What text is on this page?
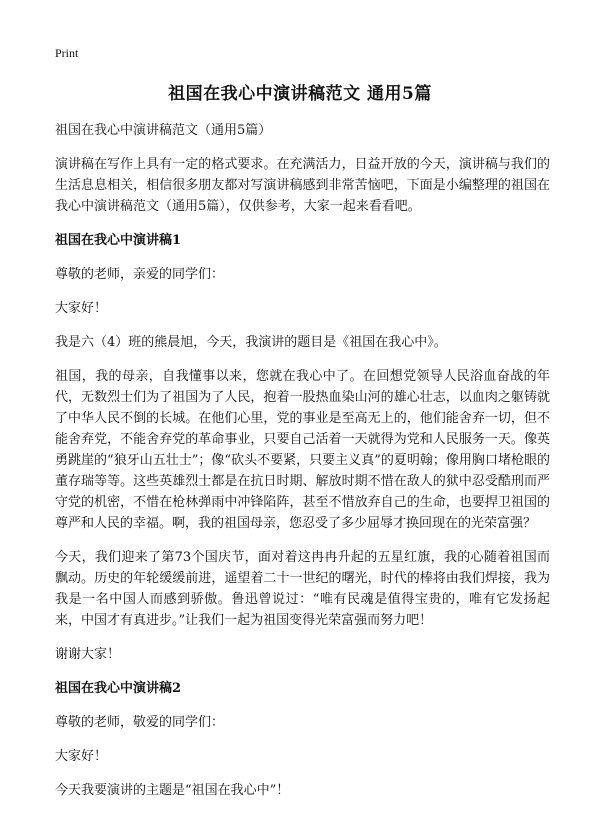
Print
祖国在我心中演讲稿范文 通用5篇

祖国在我心中演讲稿范文（通用5篇）

演讲稿在写作上具有一定的格式要求。在充满活力，日益开放的今天，演讲稿与我们的生活息息相关，相信很多朋友都对写演讲稿感到非常苦恼吧，下面是小编整理的祖国在我心中演讲稿范文（通用5篇），仅供参考，大家一起来看看吧。

祖国在我心中演讲稿1

尊敬的老师，亲爱的同学们：

大家好！

我是六（4）班的熊晨旭，今天，我演讲的题目是《祖国在我心中》。

祖国，我的母亲，自我懂事以来，您就在我心中了。在回想党领导人民浴血奋战的年代，无数烈士们为了祖国为了人民，抱着一股热血染山河的雄心壮志，以血肉之躯铸就了中华人民不倒的长城。在他们心里，党的事业是至高无上的，他们能舍弃一切，但不能舍弃党，不能舍弃党的革命事业，只要自己活着一天就得为党和人民服务一天。像英勇跳崖的“狼牙山五壮士”；像“砍头不要紧，只要主义真”的夏明翰；像用胸口堵枪眼的董存瑞等等。这些英雄烈士都是在抗日时期、解放时期不惜在敌人的狱中忍受酷刑而严守党的机密，不惜在枪林弹雨中冲锋陷阵，甚至不惜放弃自己的生命，也要捍卫祖国的尊严和人民的幸福。啊，我的祖国母亲，您忍受了多少屈辱才换回现在的光荣富强？

今天，我们迎来了第73个国庆节，面对着这冉冉升起的五星红旗，我的心随着祖国而飘动。历史的年轮缓缓前进，遥望着二十一世纪的曙光，时代的棒将由我们焊接，我为我是一名中国人而感到骄傲。鲁迅曾说过：“唯有民魂是值得宝贵的，唯有它发扬起来，中国才有真进步。”让我们一起为祖国变得光荣富强而努力吧！

谢谢大家！

祖国在我心中演讲稿2

尊敬的老师，敬爱的同学们：

大家好！

今天我要演讲的主题是“祖国在我心中”！
